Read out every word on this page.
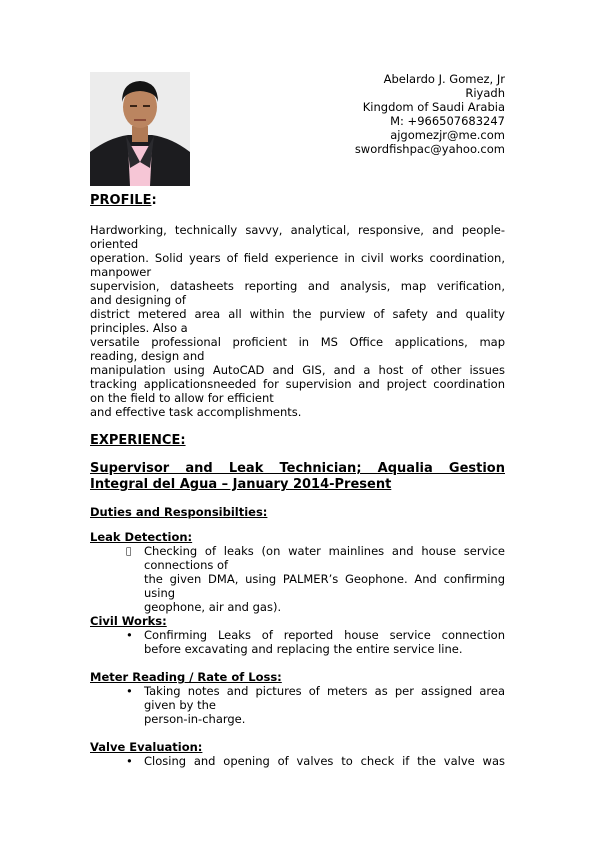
Abelardo J. Gomez, Jr
Riyadh
Kingdom of Saudi Arabia
M: +966507683247
ajgomezjr@me.com
swordfishpac@yahoo.com
PROFILE:
Hardworking, technically savvy, analytical, responsive, and people-
oriented
operation. Solid years of field experience in civil works coordination,
manpower
supervision, datasheets reporting and analysis, map verification,
and designing of
district metered area all within the purview of safety and quality
principles. Also a
versatile professional proficient in MS Office applications, map
reading, design and
manipulation using AutoCAD and GIS, and a host of other issues
tracking applicationsneeded for supervision and project coordination
on the field to allow for efficient
and effective task accomplishments.
EXPERIENCE:
Supervisor and Leak Technician; Aqualia Gestion
Integral del Agua – January 2014-Present
Duties and Responsibilties:
Leak Detection:
Checking of leaks (on water mainlines and house service
connections of
the given DMA, using PALMER’s Geophone. And confirming
using
geophone, air and gas).
Civil Works:
• Confirming Leaks of reported house service connection
before excavating and replacing the entire service line.
Meter Reading / Rate of Loss:
• Taking notes and pictures of meters as per assigned area
given by the
person-in-charge.
Valve Evaluation:
• Closing and opening of valves to check if the valve was
